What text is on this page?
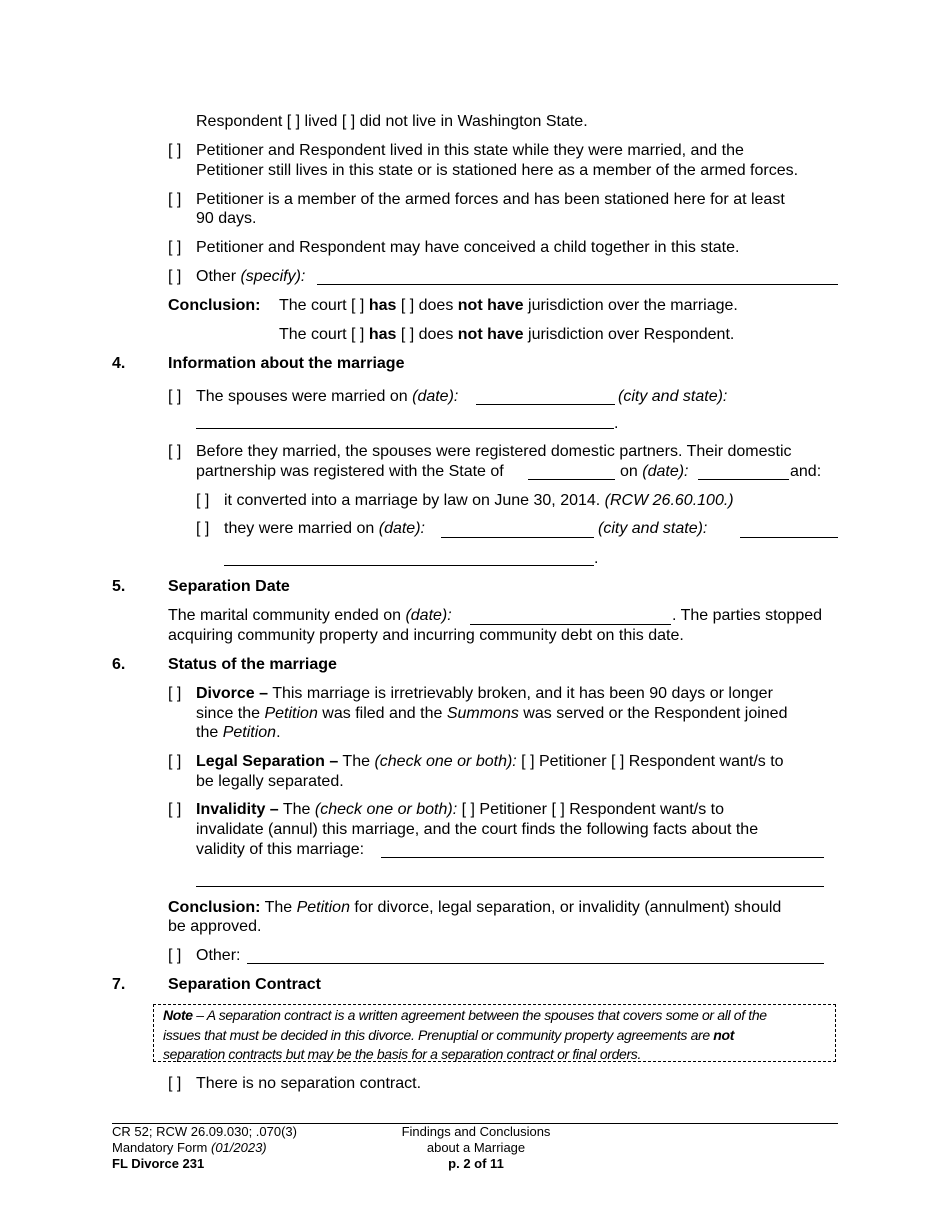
Respondent [ ] lived [ ] did not live in Washington State.
[ ] Petitioner and Respondent lived in this state while they were married, and the
Petitioner still lives in this state or is stationed here as a member of the armed forces.
[ ] Petitioner is a member of the armed forces and has been stationed here for at least
90 days.
[ ] Petitioner and Respondent may have conceived a child together in this state.
[ ] Other (specify):
Conclusion: The court [ ] has [ ] does not have jurisdiction over the marriage.
The court [ ] has [ ] does not have jurisdiction over Respondent.
4.	Information about the marriage
[ ] The spouses were married on (date):	(city and state):
.
[ ] Before they married, the spouses were registered domestic partners. Their domestic
partnership was registered with the State of	on (date):	and:
[ ] it converted into a marriage by law on June 30, 2014. (RCW 26.60.100.)
[ ] they were married on (date):	(city and state):
.
5.	Separation Date
The marital community ended on (date):	. The parties stopped
acquiring community property and incurring community debt on this date.
6.	Status of the marriage
[ ] Divorce – This marriage is irretrievably broken, and it has been 90 days or longer
since the Petition was filed and the Summons was served or the Respondent joined
the Petition.
[ ] Legal Separation – The (check one or both): [ ] Petitioner [ ] Respondent want/s to
be legally separated.
[ ] Invalidity – The (check one or both): [ ] Petitioner [ ] Respondent want/s to
invalidate (annul) this marriage, and the court finds the following facts about the
validity of this marriage:
Conclusion: The Petition for divorce, legal separation, or invalidity (annulment) should
be approved.
[ ] Other:
7.	Separation Contract
Note – A separation contract is a written agreement between the spouses that covers some or all of the
issues that must be decided in this divorce. Prenuptial or community property agreements are not
separation contracts but may be the basis for a separation contract or final orders.
[ ] There is no separation contract.
CR 52; RCW 26.09.030; .070(3)
Mandatory Form (01/2023)
FL Divorce 231
Findings and Conclusions
about a Marriage
p. 2 of 11
